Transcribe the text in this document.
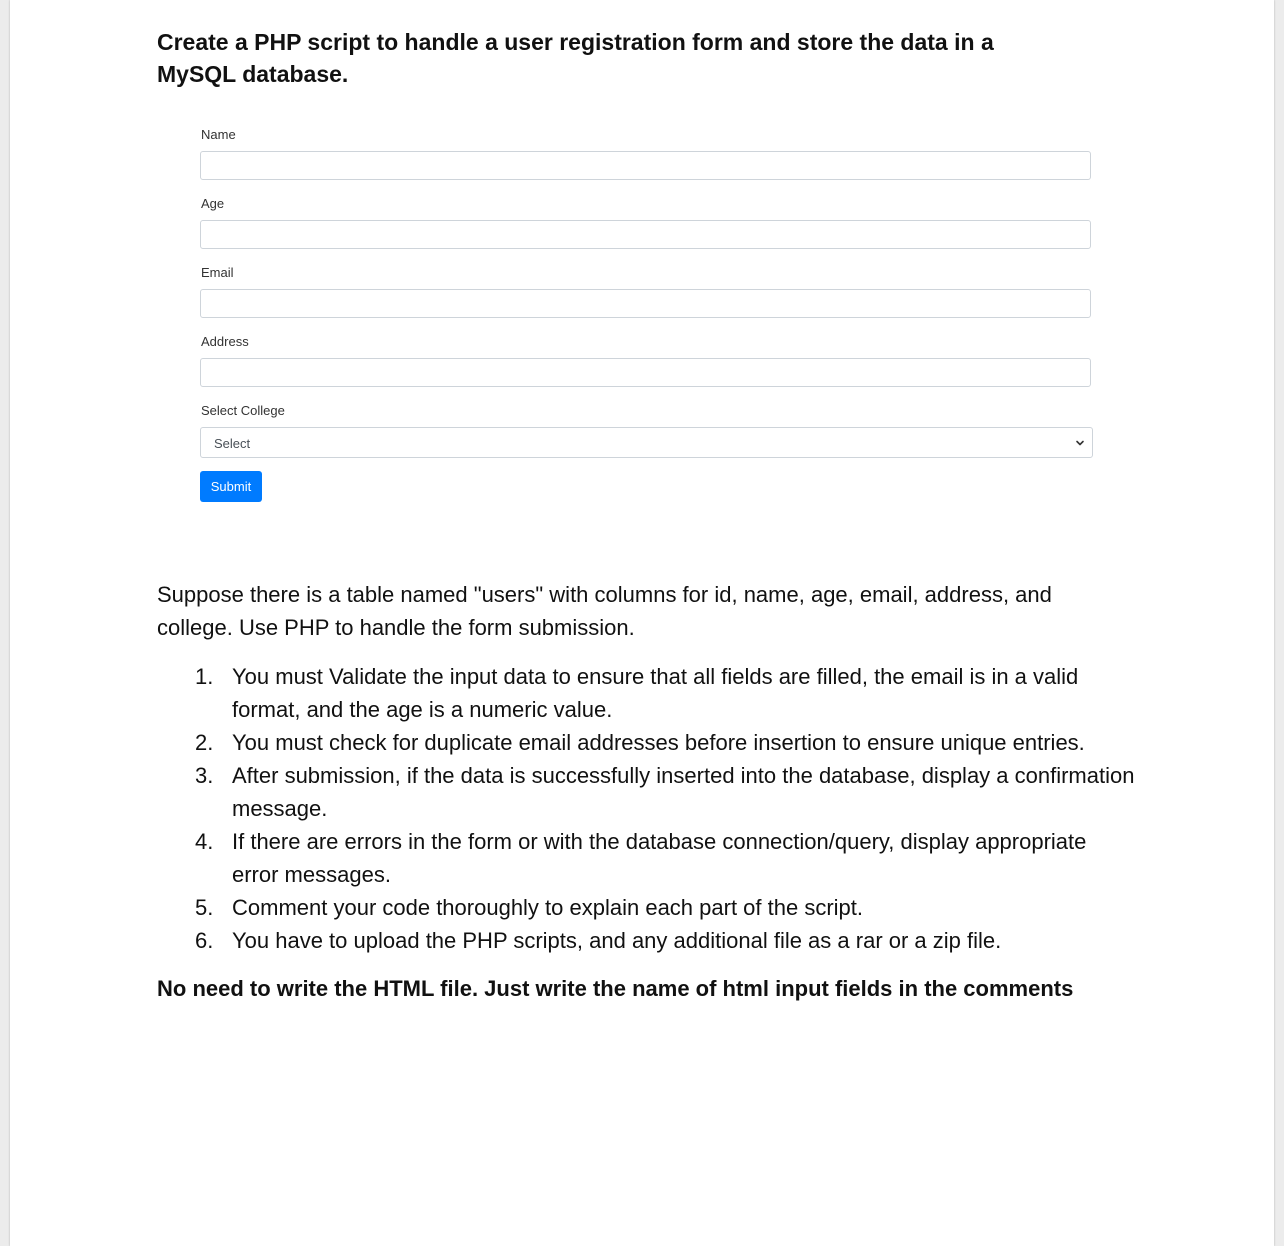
Create a PHP script to handle a user registration form and store the data in a MySQL database.
Name
Age
Email
Address
Select College
Select
Submit

Suppose there is a table named "users" with columns for id, name, age, email, address, and college. Use PHP to handle the form submission.

1. You must Validate the input data to ensure that all fields are filled, the email is in a valid format, and the age is a numeric value.
2. You must check for duplicate email addresses before insertion to ensure unique entries.
3. After submission, if the data is successfully inserted into the database, display a confirmation message.
4. If there are errors in the form or with the database connection/query, display appropriate error messages.
5. Comment your code thoroughly to explain each part of the script.
6. You have to upload the PHP scripts, and any additional file as a rar or a zip file.

No need to write the HTML file. Just write the name of html input fields in the comments
